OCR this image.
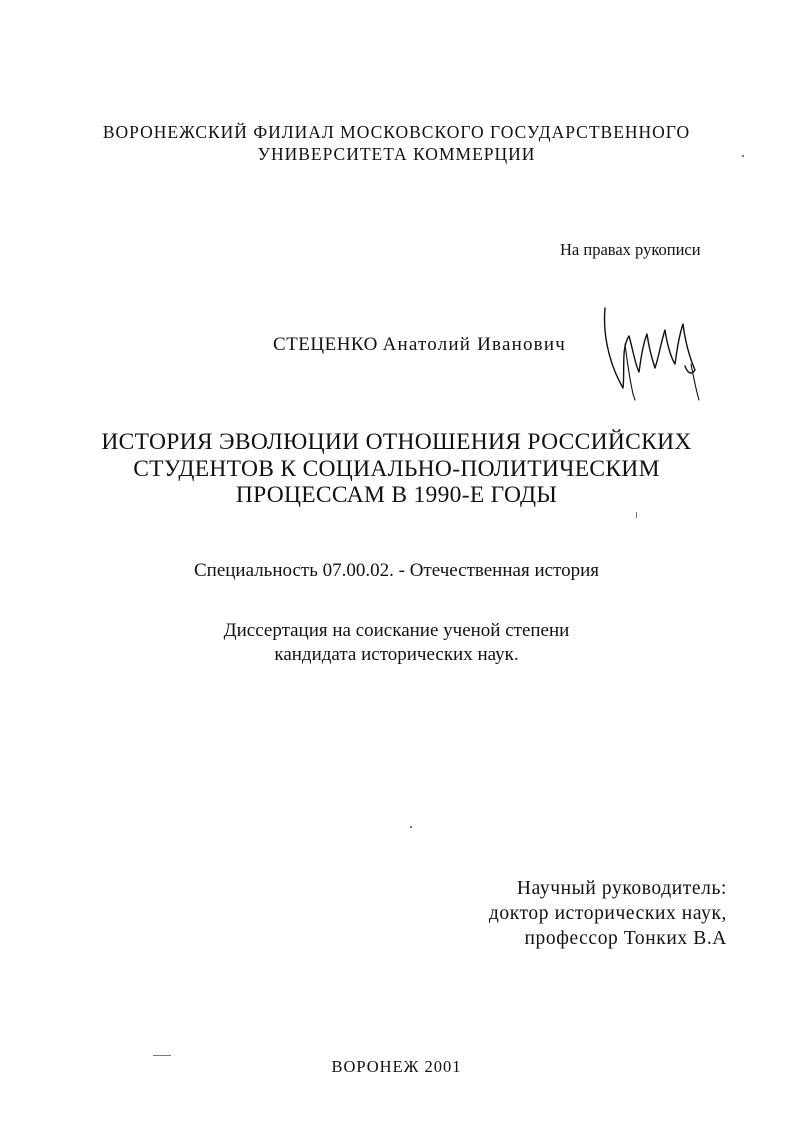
ВОРОНЕЖСКИЙ ФИЛИАЛ МОСКОВСКОГО ГОСУДАРСТВЕННОГО
УНИВЕРСИТЕТА КОММЕРЦИИ
На правах рукописи
СТЕЦЕНКО Анатолий Иванович
ИСТОРИЯ ЭВОЛЮЦИИ ОТНОШЕНИЯ РОССИЙСКИХ
СТУДЕНТОВ К СОЦИАЛЬНО-ПОЛИТИЧЕСКИМ
ПРОЦЕССАМ В 1990-Е ГОДЫ
Специальность 07.00.02. - Отечественная история
Диссертация на соискание ученой степени
кандидата исторических наук.
Научный руководитель:
доктор исторических наук,
профессор Тонких В.А
ВОРОНЕЖ 2001
